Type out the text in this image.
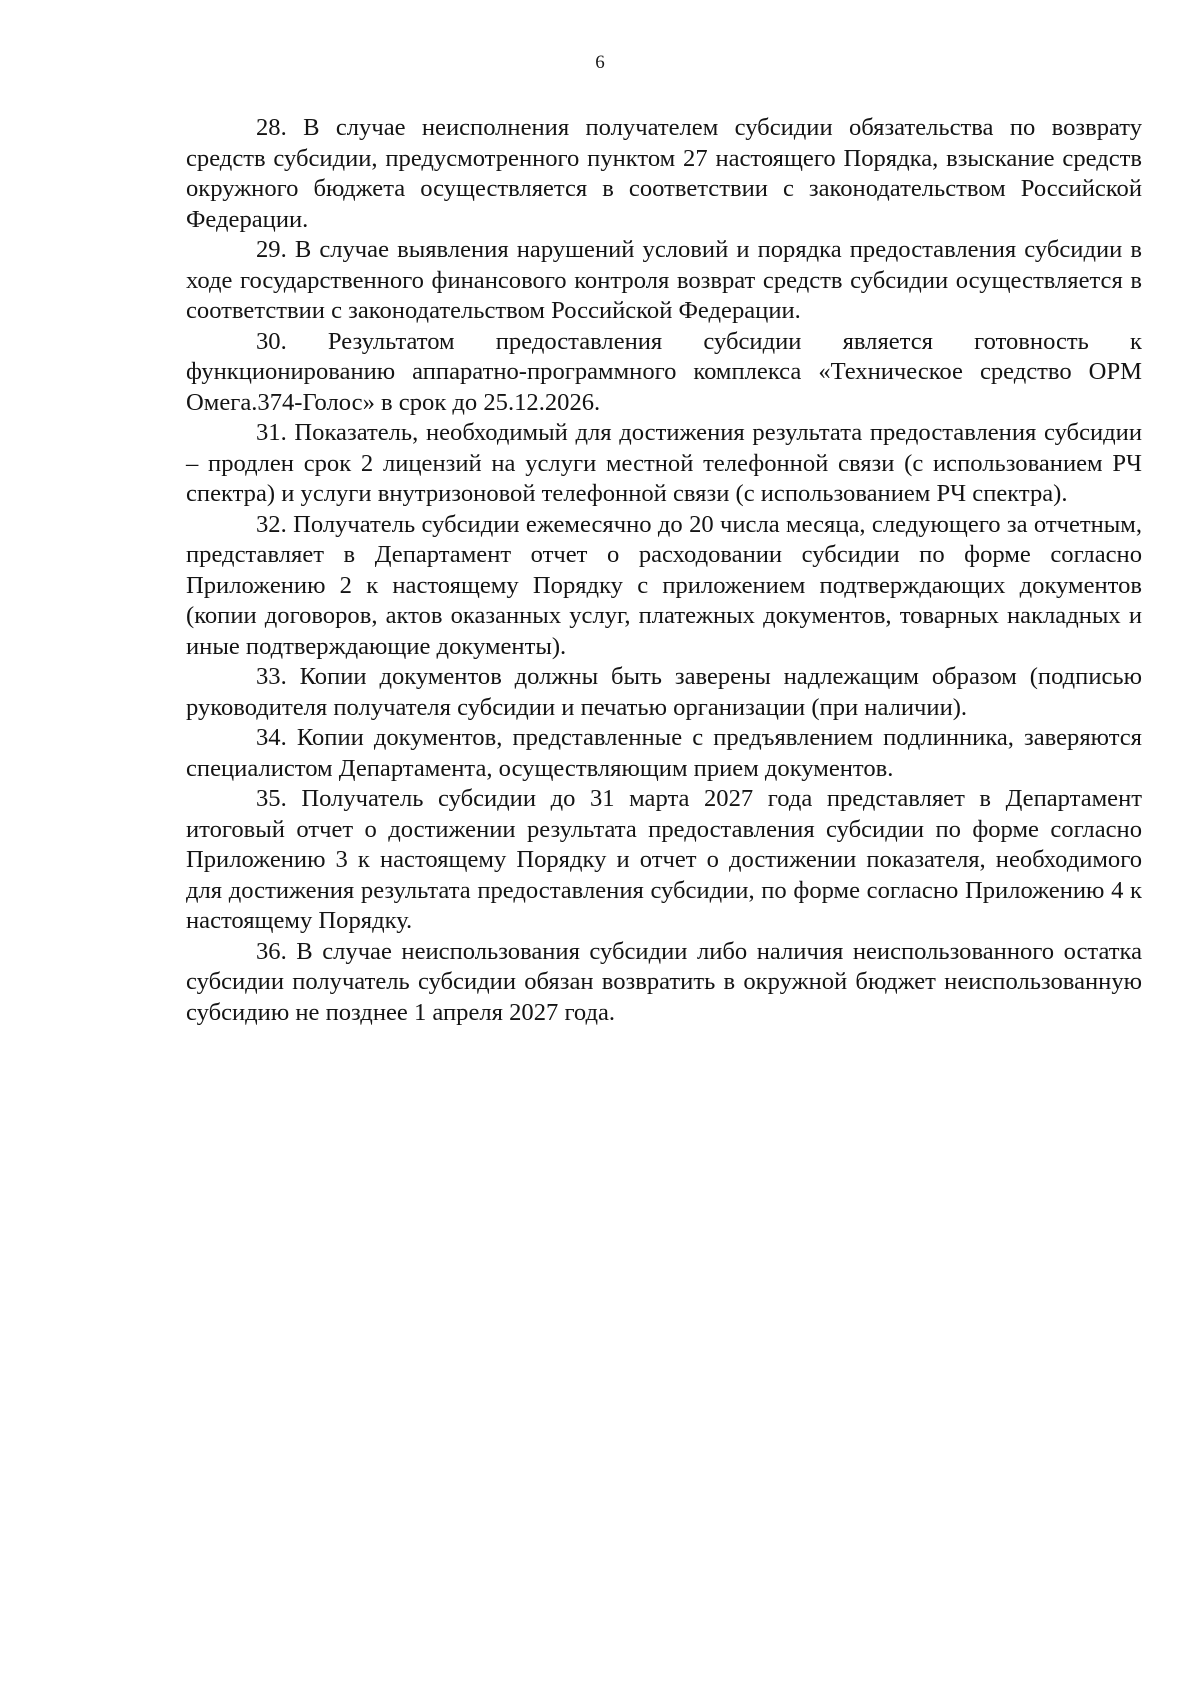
6

28. В случае неисполнения получателем субсидии обязательства по возврату средств субсидии, предусмотренного пунктом 27 настоящего Порядка, взыскание средств окружного бюджета осуществляется в соответствии с законодательством Российской Федерации.

29. В случае выявления нарушений условий и порядка предоставления субсидии в ходе государственного финансового контроля возврат средств субсидии осуществляется в соответствии с законодательством Российской Федерации.

30. Результатом предоставления субсидии является готовность к функционированию аппаратно-программного комплекса «Техническое средство ОРМ Омега.374-Голос» в срок до 25.12.2026.

31. Показатель, необходимый для достижения результата предоставления субсидии – продлен срок 2 лицензий на услуги местной телефонной связи (с использованием РЧ спектра) и услуги внутризоновой телефонной связи (с использованием РЧ спектра).

32. Получатель субсидии ежемесячно до 20 числа месяца, следующего за отчетным, представляет в Департамент отчет о расходовании субсидии по форме согласно Приложению 2 к настоящему Порядку с приложением подтверждающих документов (копии договоров, актов оказанных услуг, платежных документов, товарных накладных и иные подтверждающие документы).

33. Копии документов должны быть заверены надлежащим образом (подписью руководителя получателя субсидии и печатью организации (при наличии).

34. Копии документов, представленные с предъявлением подлинника, заверяются специалистом Департамента, осуществляющим прием документов.

35. Получатель субсидии до 31 марта 2027 года представляет в Департамент итоговый отчет о достижении результата предоставления субсидии по форме согласно Приложению 3 к настоящему Порядку и отчет о достижении показателя, необходимого для достижения результата предоставления субсидии, по форме согласно Приложению 4 к настоящему Порядку.

36. В случае неиспользования субсидии либо наличия неиспользованного остатка субсидии получатель субсидии обязан возвратить в окружной бюджет неиспользованную субсидию не позднее 1 апреля 2027 года.
